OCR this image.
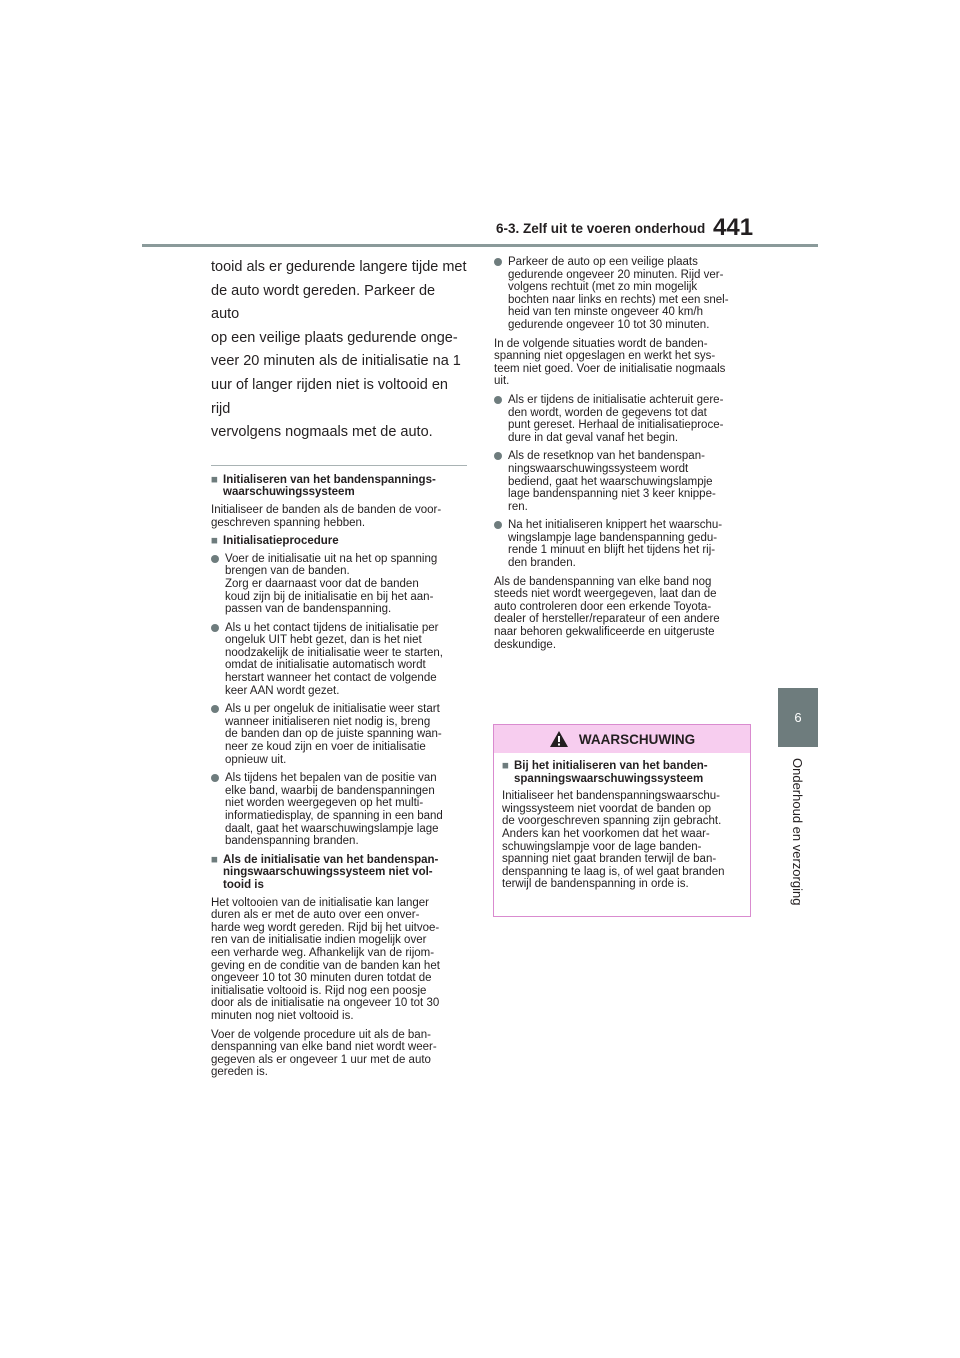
6-3. Zelf uit te voeren onderhoud 441
6
Onderhoud en verzorging
tooid als er gedurende langere tijde met
de auto wordt gereden. Parkeer de auto
op een veilige plaats gedurende onge-
veer 20 minuten als de initialisatie na 1
uur of langer rijden niet is voltooid en rijd
vervolgens nogmaals met de auto.
■ Initialiseren van het bandenspannings-
waarschuwingssysteem

Initialiseer de banden als de banden de voor-
geschreven spanning hebben.

■ Initialisatieprocedure
Voer de initialisatie uit na het op spanning
brengen van de banden.
Zorg er daarnaast voor dat de banden
koud zijn bij de initialisatie en bij het aan-
passen van de bandenspanning.
Als u het contact tijdens de initialisatie per
ongeluk UIT hebt gezet, dan is het niet
noodzakelijk de initialisatie weer te starten,
omdat de initialisatie automatisch wordt
herstart wanneer het contact de volgende
keer AAN wordt gezet.
Als u per ongeluk de initialisatie weer start
wanneer initialiseren niet nodig is, breng
de banden dan op de juiste spanning wan-
neer ze koud zijn en voer de initialisatie
opnieuw uit.
Als tijdens het bepalen van de positie van
elke band, waarbij de bandenspanningen
niet worden weergegeven op het multi-
informatiedisplay, de spanning in een band
daalt, gaat het waarschuwingslampje lage
bandenspanning branden.
■ Als de initialisatie van het bandenspan-
ningswaarschuwingssysteem niet vol-
tooid is

Het voltooien van de initialisatie kan langer
duren als er met de auto over een onver-
harde weg wordt gereden. Rijd bij het uitvoe-
ren van de initialisatie indien mogelijk over
een verharde weg. Afhankelijk van de rijom-
geving en de conditie van de banden kan het
ongeveer 10 tot 30 minuten duren totdat de
initialisatie voltooid is. Rijd nog een poosje
door als de initialisatie na ongeveer 10 tot 30
minuten nog niet voltooid is.

Voer de volgende procedure uit als de ban-
denspanning van elke band niet wordt weer-
gegeven als er ongeveer 1 uur met de auto
gereden is.

Parkeer de auto op een veilige plaats
gedurende ongeveer 20 minuten. Rijd ver-
volgens rechtuit (met zo min mogelijk
bochten naar links en rechts) met een snel-
heid van ten minste ongeveer 40 km/h
gedurende ongeveer 10 tot 30 minuten.

In de volgende situaties wordt de banden-
spanning niet opgeslagen en werkt het sys-
teem niet goed. Voer de initialisatie nogmaals
uit.

Als er tijdens de initialisatie achteruit gere-
den wordt, worden de gegevens tot dat
punt gereset. Herhaal de initialisatieproce-
dure in dat geval vanaf het begin.
Als de resetknop van het bandenspan-
ningswaarschuwingssysteem wordt
bediend, gaat het waarschuwingslampje
lage bandenspanning niet 3 keer knippe-
ren.
Na het initialiseren knippert het waarschu-
wingslampje lage bandenspanning gedu-
rende 1 minuut en blijft het tijdens het rij-
den branden.

Als de bandenspanning van elke band nog
steeds niet wordt weergegeven, laat dan de
auto controleren door een erkende Toyota-
dealer of hersteller/reparateur of een andere
naar behoren gekwalificeerde en uitgeruste
deskundige.

WAARSCHUWING
■ Bij het initialiseren van het banden-
spanningswaarschuwingssysteem

Initialiseer het bandenspanningswaarschu-
wingssysteem niet voordat de banden op
de voorgeschreven spanning zijn gebracht.
Anders kan het voorkomen dat het waar-
schuwingslampje voor de lage banden-
spanning niet gaat branden terwijl de ban-
denspanning te laag is, of wel gaat branden
terwijl de bandenspanning in orde is.
